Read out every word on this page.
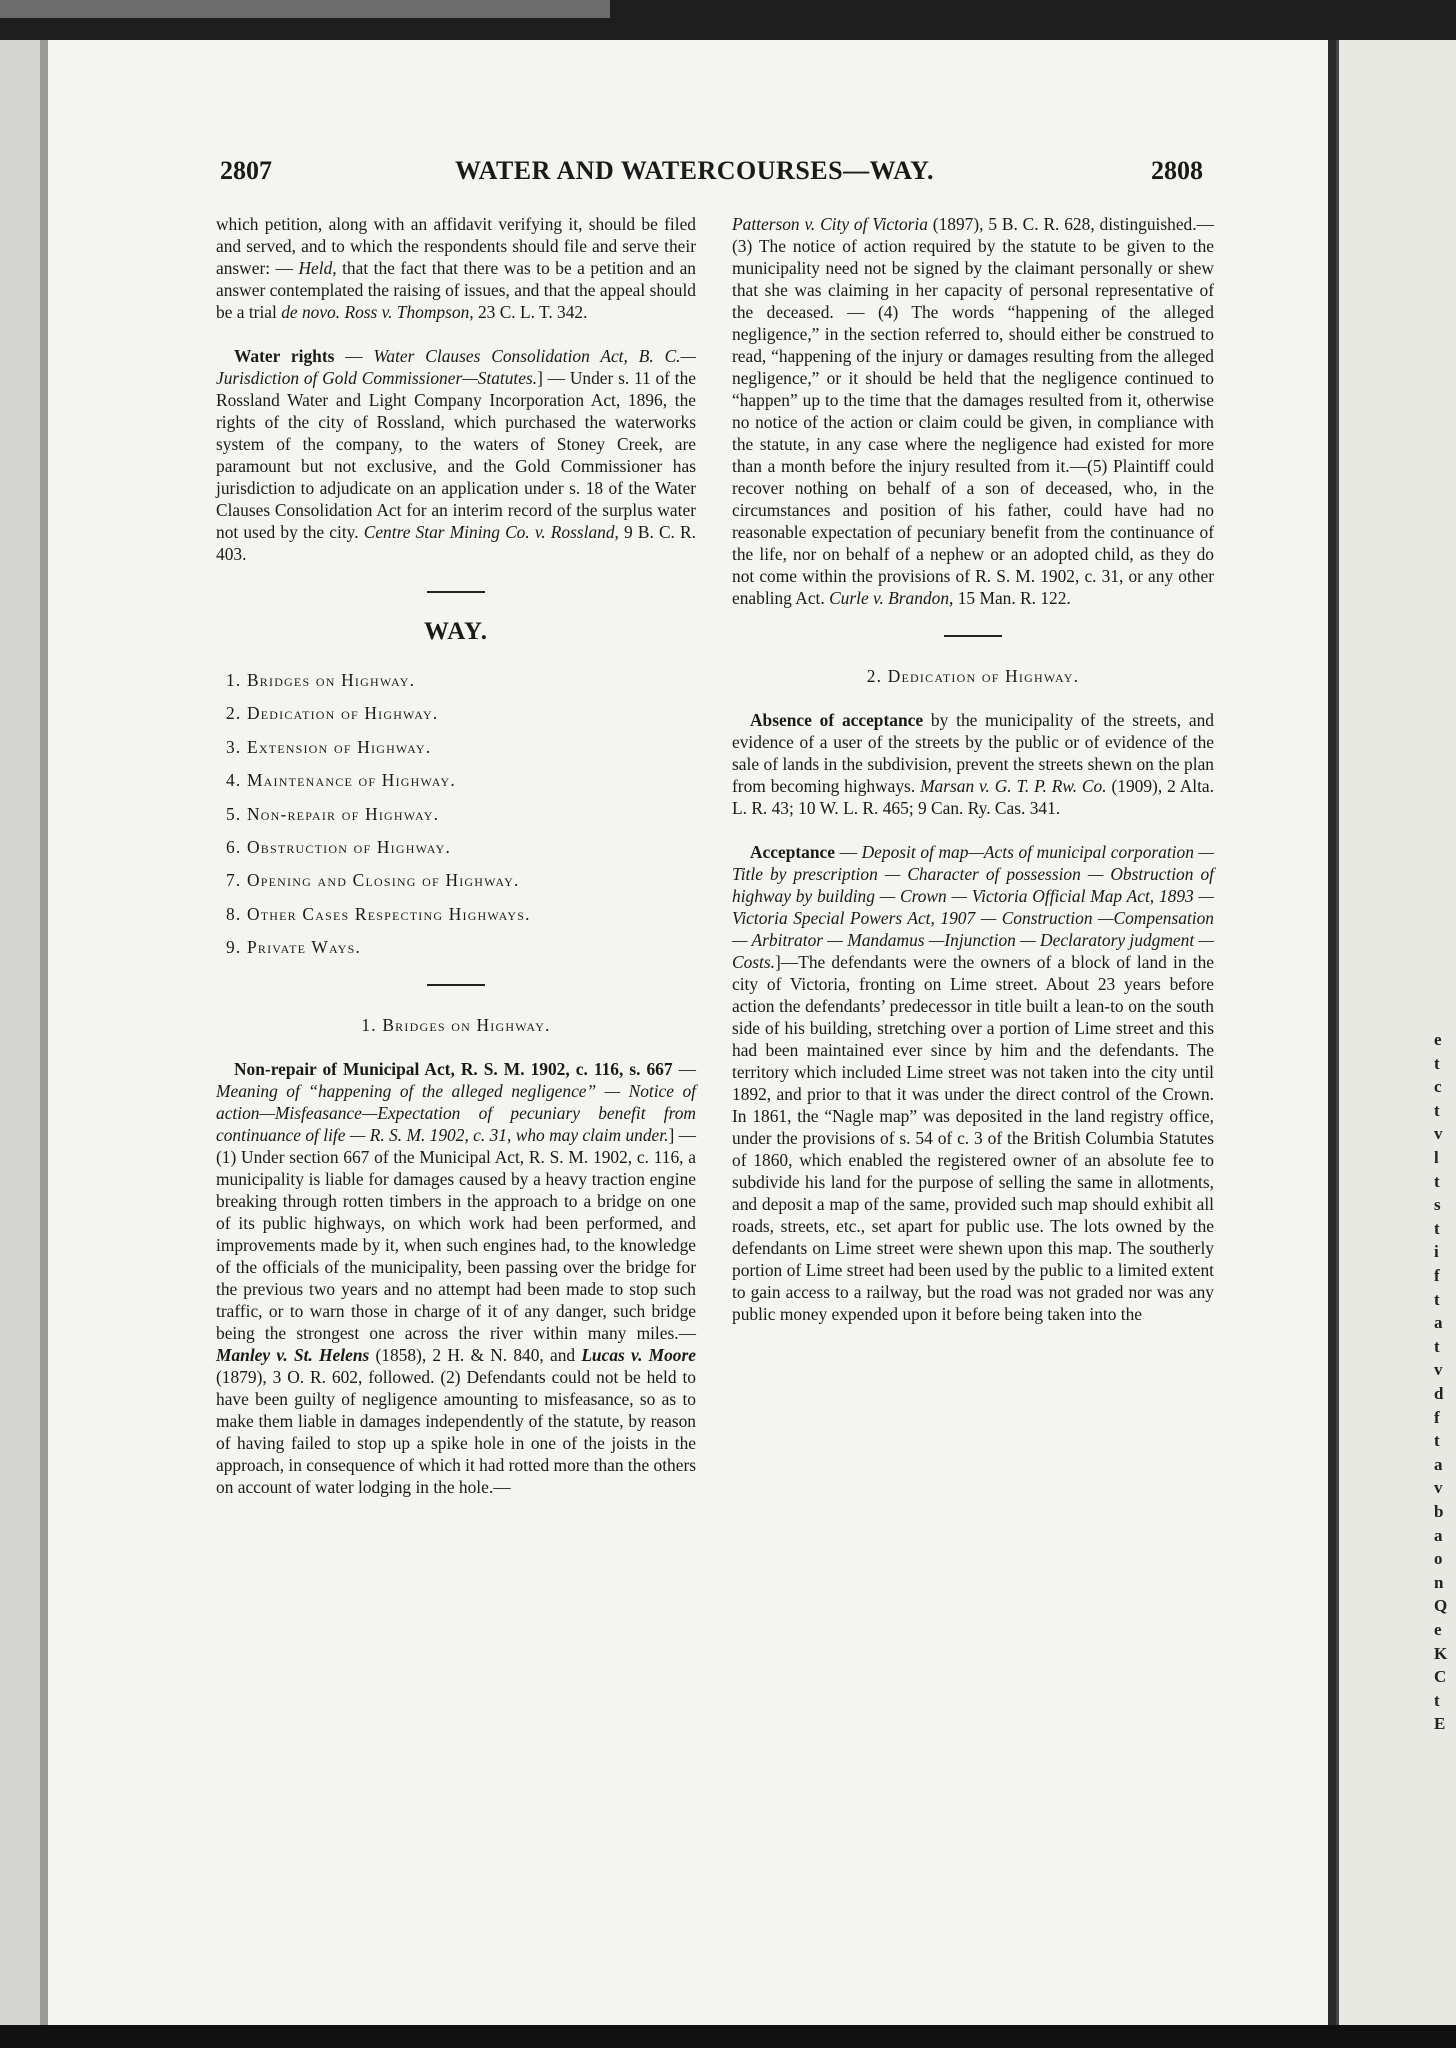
e
t
c
t
v
l
t
s
t
i
f
t
a
t
v
d
f
t
a
v
b
a
o
n
Q
e
K
C
t
E
2807	WATER AND WATERCOURSES—WAY.	2808

which petition, along with an affidavit verifying it, should be filed and served, and to which the respondents should file and serve their answer: — Held, that the fact that there was to be a petition and an answer contemplated the raising of issues, and that the appeal should be a trial de novo. Ross v. Thompson, 23 C. L. T. 342.

Water rights — Water Clauses Consolidation Act, B. C.—Jurisdiction of Gold Commissioner—Statutes.] — Under s. 11 of the Rossland Water and Light Company Incorporation Act, 1896, the rights of the city of Rossland, which purchased the waterworks system of the company, to the waters of Stoney Creek, are paramount but not exclusive, and the Gold Commissioner has jurisdiction to adjudicate on an application under s. 18 of the Water Clauses Consolidation Act for an interim record of the surplus water not used by the city. Centre Star Mining Co. v. Rossland, 9 B. C. R. 403.

WAY.
1. Bridges on Highway.
2. Dedication of Highway.
3. Extension of Highway.
4. Maintenance of Highway.
5. Non-repair of Highway.
6. Obstruction of Highway.
7. Opening and Closing of Highway.
8. Other Cases Respecting Highways.
9. Private Ways.
1. Bridges on Highway.

Non-repair of Municipal Act, R. S. M. 1902, c. 116, s. 667 — Meaning of “happening of the alleged negligence” — Notice of action—Misfeasance—Expectation of pecuniary benefit from continuance of life — R. S. M. 1902, c. 31, who may claim under.] — (1) Under section 667 of the Municipal Act, R. S. M. 1902, c. 116, a municipality is liable for damages caused by a heavy traction engine breaking through rotten timbers in the approach to a bridge on one of its public highways, on which work had been performed, and improvements made by it, when such engines had, to the knowledge of the officials of the municipality, been passing over the bridge for the previous two years and no attempt had been made to stop such traffic, or to warn those in charge of it of any danger, such bridge being the strongest one across the river within many miles.—Manley v. St. Helens (1858), 2 H. & N. 840, and Lucas v. Moore (1879), 3 O. R. 602, followed. (2) Defendants could not be held to have been guilty of negligence amounting to misfeasance, so as to make them liable in damages independently of the statute, by reason of having failed to stop up a spike hole in one of the joists in the approach, in consequence of which it had rotted more than the others on account of water lodging in the hole.—

Patterson v. City of Victoria (1897), 5 B. C. R. 628, distinguished.—(3) The notice of action required by the statute to be given to the municipality need not be signed by the claimant personally or shew that she was claiming in her capacity of personal representative of the deceased. — (4) The words “happening of the alleged negligence,” in the section referred to, should either be construed to read, “happening of the injury or damages resulting from the alleged negligence,” or it should be held that the negligence continued to “happen” up to the time that the damages resulted from it, otherwise no notice of the action or claim could be given, in compliance with the statute, in any case where the negligence had existed for more than a month before the injury resulted from it.—(5) Plaintiff could recover nothing on behalf of a son of deceased, who, in the circumstances and position of his father, could have had no reasonable expectation of pecuniary benefit from the continuance of the life, nor on behalf of a nephew or an adopted child, as they do not come within the provisions of R. S. M. 1902, c. 31, or any other enabling Act. Curle v. Brandon, 15 Man. R. 122.

2. Dedication of Highway.

Absence of acceptance by the municipality of the streets, and evidence of a user of the streets by the public or of evidence of the sale of lands in the subdivision, prevent the streets shewn on the plan from becoming highways. Marsan v. G. T. P. Rw. Co. (1909), 2 Alta. L. R. 43; 10 W. L. R. 465; 9 Can. Ry. Cas. 341.

Acceptance — Deposit of map—Acts of municipal corporation — Title by prescription — Character of possession — Obstruction of highway by building — Crown — Victoria Official Map Act, 1893 — Victoria Special Powers Act, 1907 — Construction —Compensation — Arbitrator — Mandamus —Injunction — Declaratory judgment — Costs.]—The defendants were the owners of a block of land in the city of Victoria, fronting on Lime street. About 23 years before action the defendants’ predecessor in title built a lean-to on the south side of his building, stretching over a portion of Lime street and this had been maintained ever since by him and the defendants. The territory which included Lime street was not taken into the city until 1892, and prior to that it was under the direct control of the Crown. In 1861, the “Nagle map” was deposited in the land registry office, under the provisions of s. 54 of c. 3 of the British Columbia Statutes of 1860, which enabled the registered owner of an absolute fee to subdivide his land for the purpose of selling the same in allotments, and deposit a map of the same, provided such map should exhibit all roads, streets, etc., set apart for public use. The lots owned by the defendants on Lime street were shewn upon this map. The southerly portion of Lime street had been used by the public to a limited extent to gain access to a railway, but the road was not graded nor was any public money expended upon it before being taken into the
